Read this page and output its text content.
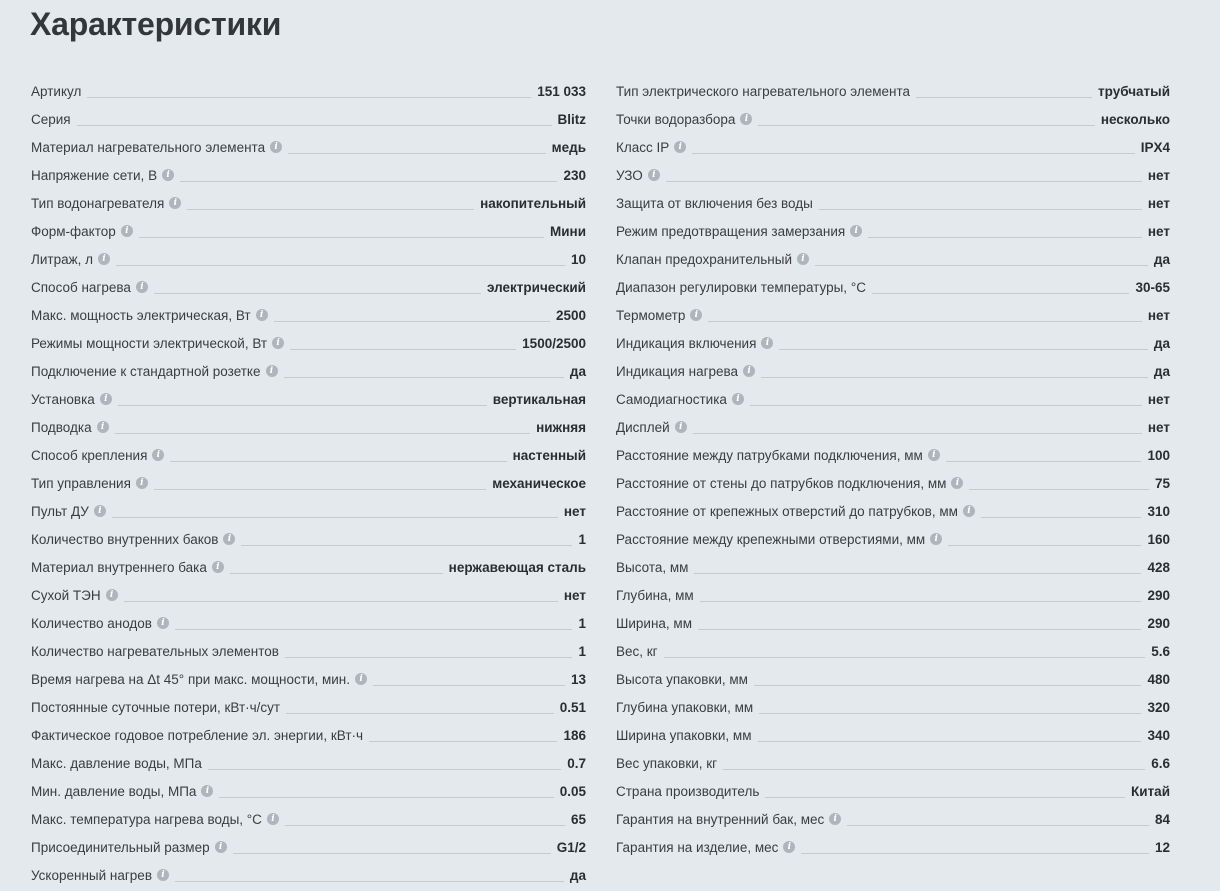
Характеристики
Артикул	151 033
Серия	Blitz
Материал нагревательного элемента	i	медь
Напряжение сети, В	i	230
Тип водонагревателя	i	накопительный
Форм-фактор	i	Мини
Литраж, л	i	10
Способ нагрева	i	электрический
Макс. мощность электрическая, Вт	i	2500
Режимы мощности электрической, Вт	i	1500/2500
Подключение к стандартной розетке	i	да
Установка	i	вертикальная
Подводка	i	нижняя
Способ крепления	i	настенный
Тип управления	i	механическое
Пульт ДУ	i	нет
Количество внутренних баков	i	1
Материал внутреннего бака	i	нержавеющая сталь
Сухой ТЭН	i	нет
Количество анодов	i	1
Количество нагревательных элементов	1
Время нагрева на Δt 45° при макс. мощности, мин.	i	13
Постоянные суточные потери, кВт·ч/сут	0.51
Фактическое годовое потребление эл. энергии, кВт·ч	186
Макс. давление воды, МПа	0.7
Мин. давление воды, МПа	i	0.05
Макс. температура нагрева воды, °С	i	65
Присоединительный размер	i	G1/2
Ускоренный нагрев	i	да
Тип электрического нагревательного элемента	трубчатый
Точки водоразбора	i	несколько
Класс IP	i	IPX4
УЗО	i	нет
Защита от включения без воды	нет
Режим предотвращения замерзания	i	нет
Клапан предохранительный	i	да
Диапазон регулировки температуры, °С	30-65
Термометр	i	нет
Индикация включения	i	да
Индикация нагрева	i	да
Самодиагностика	i	нет
Дисплей	i	нет
Расстояние между патрубками подключения, мм	i	100
Расстояние от стены до патрубков подключения, мм	i	75
Расстояние от крепежных отверстий до патрубков, мм	i	310
Расстояние между крепежными отверстиями, мм	i	160
Высота, мм	428
Глубина, мм	290
Ширина, мм	290
Вес, кг	5.6
Высота упаковки, мм	480
Глубина упаковки, мм	320
Ширина упаковки, мм	340
Вес упаковки, кг	6.6
Страна производитель	Китай
Гарантия на внутренний бак, мес	i	84
Гарантия на изделие, мес	i	12
